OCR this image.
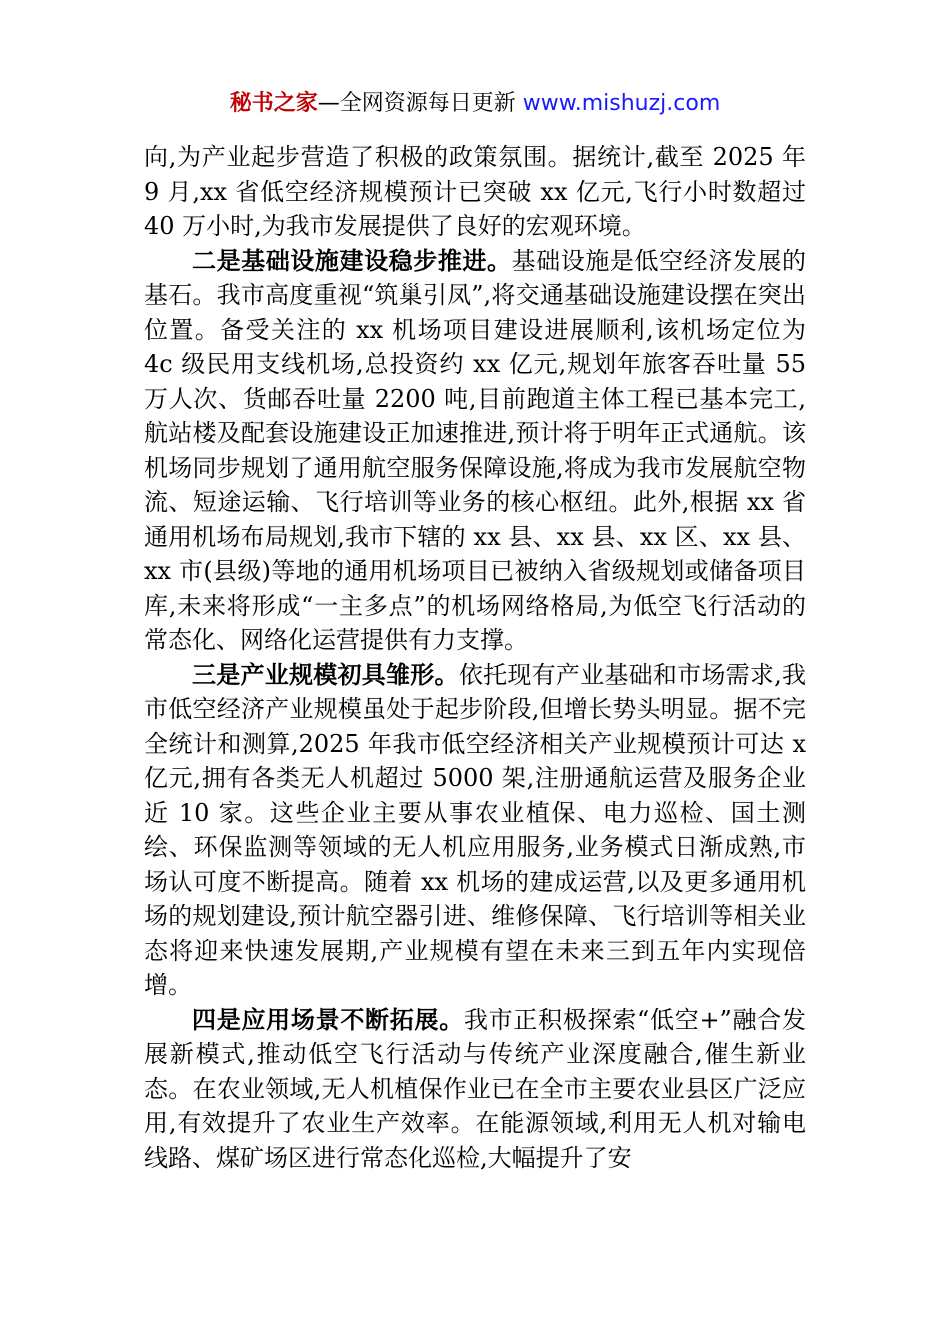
秘书之家—全网资源每日更新 www.mishuzj.com

向,为产业起步营造了积极的政策氛围。据统计,截至 2025 年 9 月,xx 省低空经济规模预计已突破 xx 亿元,飞行小时数超过 40 万小时,为我市发展提供了良好的宏观环境。

二是基础设施建设稳步推进。基础设施是低空经济发展的基石。我市高度重视“筑巢引凤”,将交通基础设施建设摆在突出位置。备受关注的 xx 机场项目建设进展顺利,该机场定位为 4c 级民用支线机场,总投资约 xx 亿元,规划年旅客吞吐量 55 万人次、货邮吞吐量 2200 吨,目前跑道主体工程已基本完工,航站楼及配套设施建设正加速推进,预计将于明年正式通航。该机场同步规划了通用航空服务保障设施,将成为我市发展航空物流、短途运输、飞行培训等业务的核心枢纽。此外,根据 xx 省通用机场布局规划,我市下辖的 xx 县、xx 县、xx 区、xx 县、xx 市(县级)等地的通用机场项目已被纳入省级规划或储备项目库,未来将形成“一主多点”的机场网络格局,为低空飞行活动的常态化、网络化运营提供有力支撑。

三是产业规模初具雏形。依托现有产业基础和市场需求,我市低空经济产业规模虽处于起步阶段,但增长势头明显。据不完全统计和测算,2025 年我市低空经济相关产业规模预计可达 x 亿元,拥有各类无人机超过 5000 架,注册通航运营及服务企业近 10 家。这些企业主要从事农业植保、电力巡检、国土测绘、环保监测等领域的无人机应用服务,业务模式日渐成熟,市场认可度不断提高。随着 xx 机场的建成运营,以及更多通用机场的规划建设,预计航空器引进、维修保障、飞行培训等相关业态将迎来快速发展期,产业规模有望在未来三到五年内实现倍增。

四是应用场景不断拓展。我市正积极探索“低空+”融合发展新模式,推动低空飞行活动与传统产业深度融合,催生新业态。在农业领域,无人机植保作业已在全市主要农业县区广泛应用,有效提升了农业生产效率。在能源领域,利用无人机对输电线路、煤矿场区进行常态化巡检,大幅提升了安
